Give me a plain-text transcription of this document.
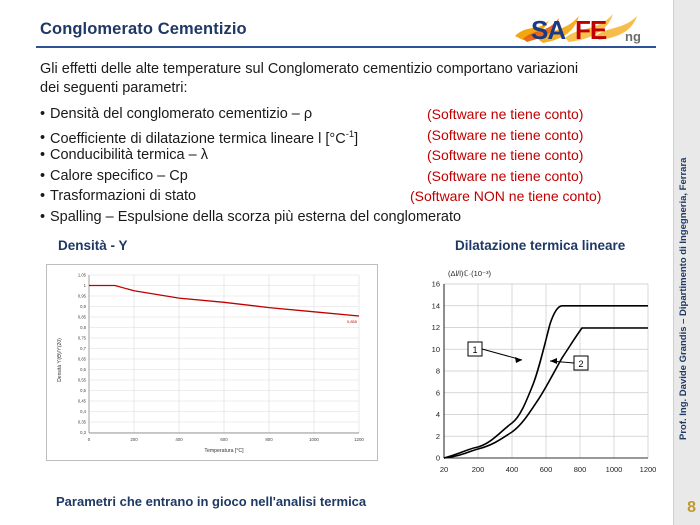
Conglomerato Cementizio	SA FE ng
Prof. Ing. Davide Grandis – Dipartimento di Ingegneria, Ferrara
8
Gli effetti delle alte temperature sul Conglomerato cementizio comportano variazioni
dei seguenti parametri:
• Densità del conglomerato cementizio – ρ	(Software ne tiene conto)
• Coefficiente di dilatazione termica lineare l $[^\circ C^{-1}]$	(Software ne tiene conto)
• Conducibilità termica – λ	(Software ne tiene conto)
• Calore specifico – Cp	(Software ne tiene conto)
• Trasformazioni di stato	(Software NON ne tiene conto)
• Spalling – Espulsione della scorza più esterna del conglomerato
Densità - Y	Dilatazione termica lineare
Parametri che entrano in gioco nell'analisi termica
1,05
1
0,95
0,9
0,85
0,8
0,75
0,7
0,65
0,6
0,55
0,5
0,45
0,4
0,35
0,3
0	200	400	600	800	1000	1200
Temperatura [°C]
Densità ϒ(Ɵ)/ϒ(20)
0,855
16
14
12
10
8
6
4
2
0
20	200	400	600	800	1000 1200
(Δl/l)ℂ·(10⁻³)
1
2
